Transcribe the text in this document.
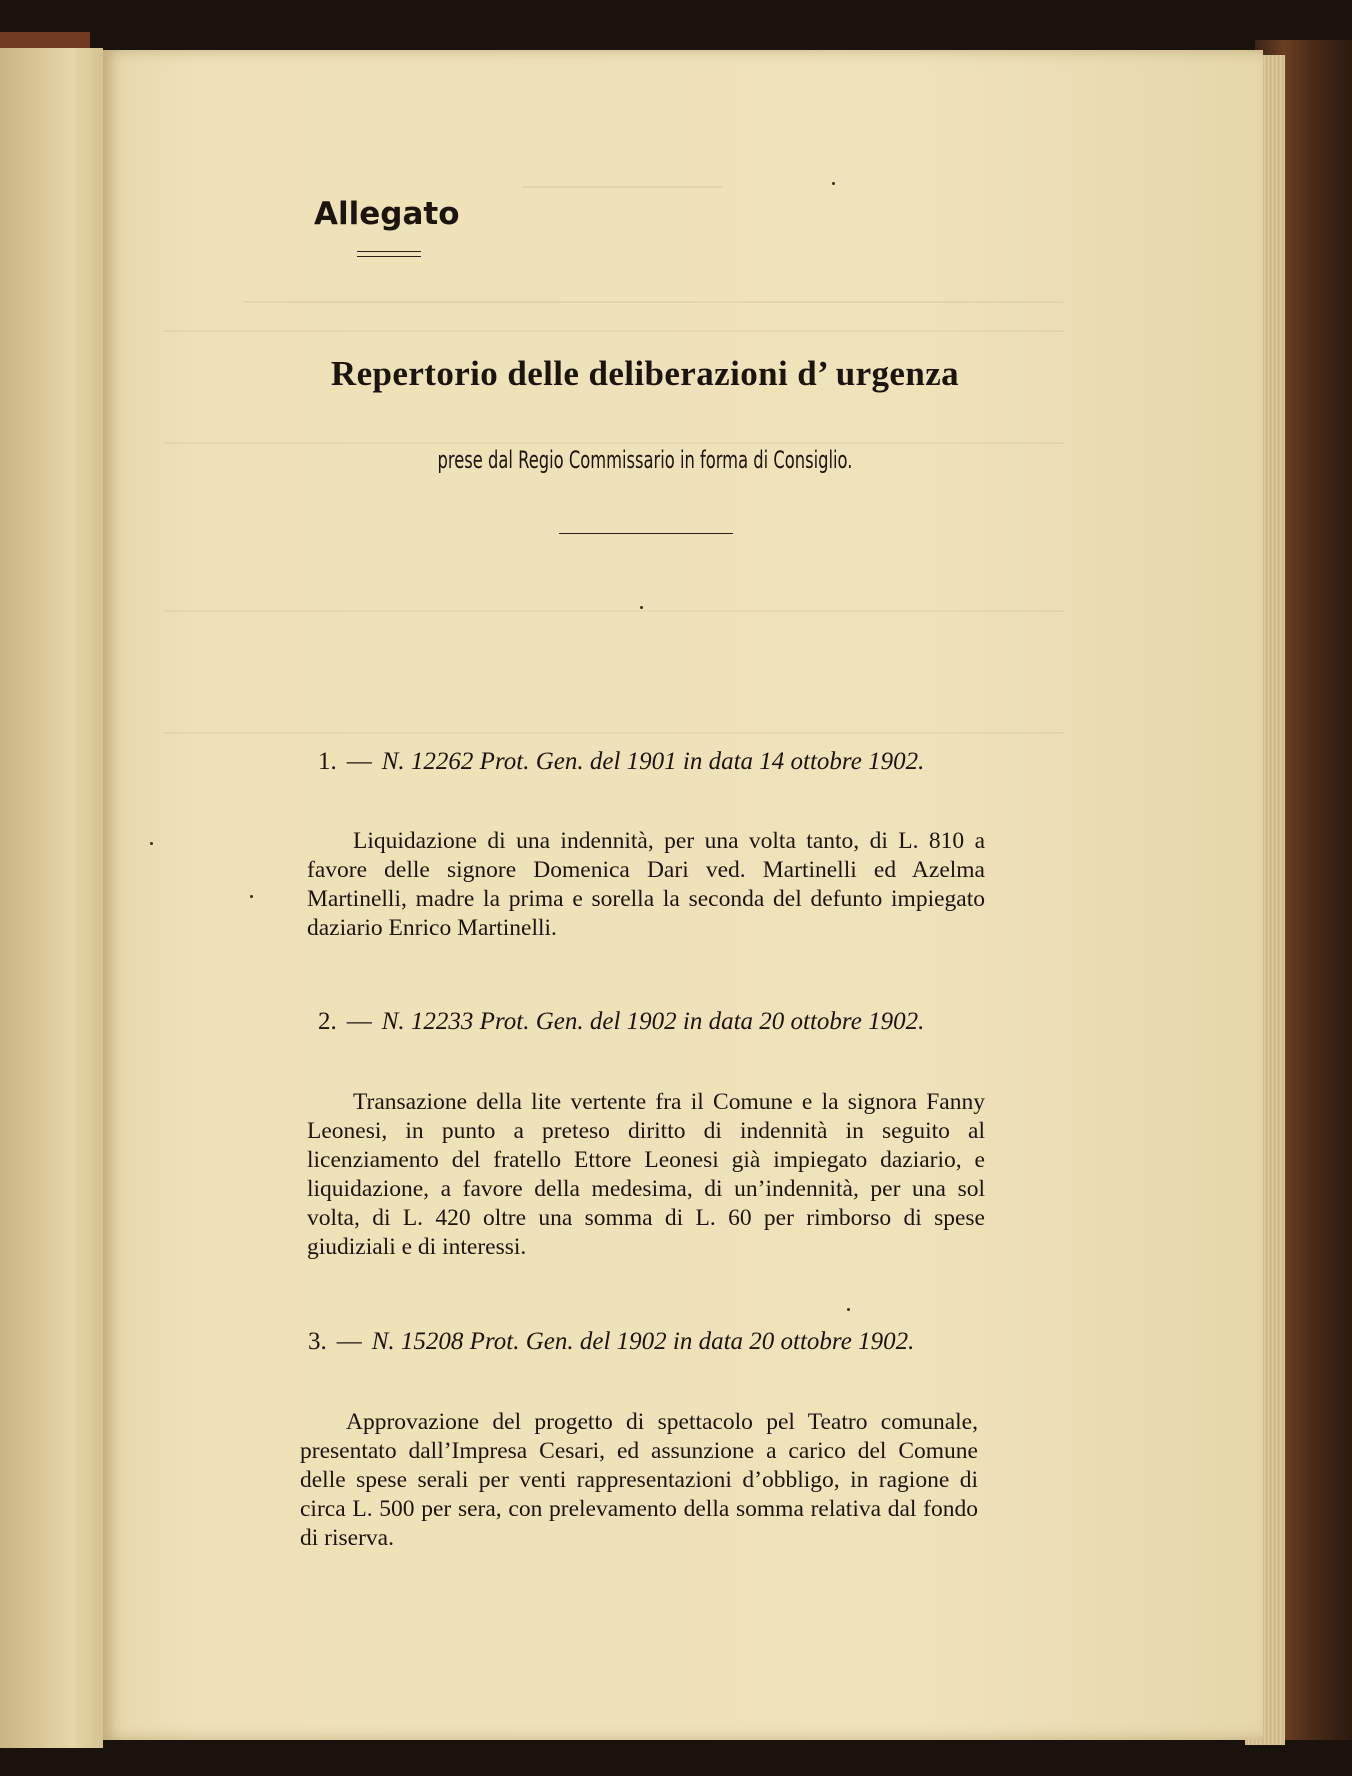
Allegato

Repertorio delle deliberazioni d’ urgenza

prese dal Regio Commissario in forma di Consiglio.

1. — N. 12262 Prot. Gen. del 1901 in data 14 ottobre 1902.

Liquidazione di una indennità, per una volta tanto, di L. 810 a favore delle signore Domenica Dari ved. Martinelli ed Azelma Martinelli, madre la prima e sorella la seconda del defunto impiegato daziario Enrico Martinelli.

2. — N. 12233 Prot. Gen. del 1902 in data 20 ottobre 1902.

Transazione della lite vertente fra il Comune e la signora Fanny Leonesi, in punto a preteso diritto di indennità in seguito al licenziamento del fratello Ettore Leonesi già impiegato daziario, e liquidazione, a favore della medesima, di un’indennità, per una sol volta, di L. 420 oltre una somma di L. 60 per rimborso di spese giudiziali e di interessi.

3. — N. 15208 Prot. Gen. del 1902 in data 20 ottobre 1902.

Approvazione del progetto di spettacolo pel Teatro comunale, presentato dall’Impresa Cesari, ed assunzione a carico del Comune delle spese serali per venti rappresentazioni d’obbligo, in ragione di circa L. 500 per sera, con prelevamento della somma relativa dal fondo di riserva.
